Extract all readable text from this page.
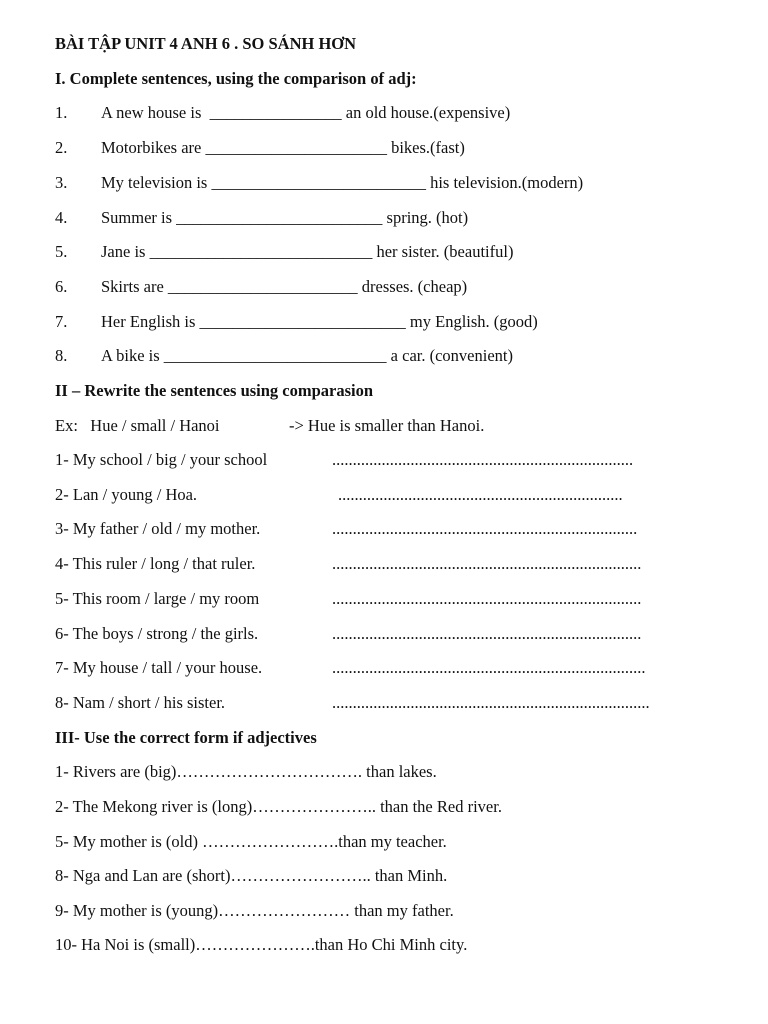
BÀI TẬP UNIT 4 ANH 6 . SO SÁNH HƠN
I. Complete sentences, using the comparison of adj:
1. A new house is  ________________ an old house.(expensive)
2. Motorbikes are ______________________ bikes.(fast)
3. My television is __________________________ his television.(modern)
4. Summer is _________________________ spring. (hot)
5. Jane is ___________________________ her sister. (beautiful)
6. Skirts are _______________________ dresses. (cheap)
7. Her English is _________________________ my English. (good)
8. A bike is ___________________________ a car. (convenient)
II – Rewrite the sentences using comparasion
Ex:   Hue / small / Hanoi	-> Hue is smaller than Hanoi.
1- My school / big / your school	.........................................................................
2- Lan / young / Hoa.	.....................................................................
3- My father / old / my mother.	..........................................................................
4- This ruler / long / that ruler.	...........................................................................
5- This room / large / my room	...........................................................................
6- The boys / strong / the girls.	...........................................................................
7- My house / tall / your house.	............................................................................
8- Nam / short / his sister.	.............................................................................
III- Use the correct form if adjectives
1- Rivers are (big)……………………………. than lakes.
2- The Mekong river is (long)………………….. than the Red river.
5- My mother is (old) …………………….than my teacher.
8- Nga and Lan are (short)…………………….. than Minh.
9- My mother is (young)…………………… than my father.
10- Ha Noi is (small)………………….than Ho Chi Minh city.
